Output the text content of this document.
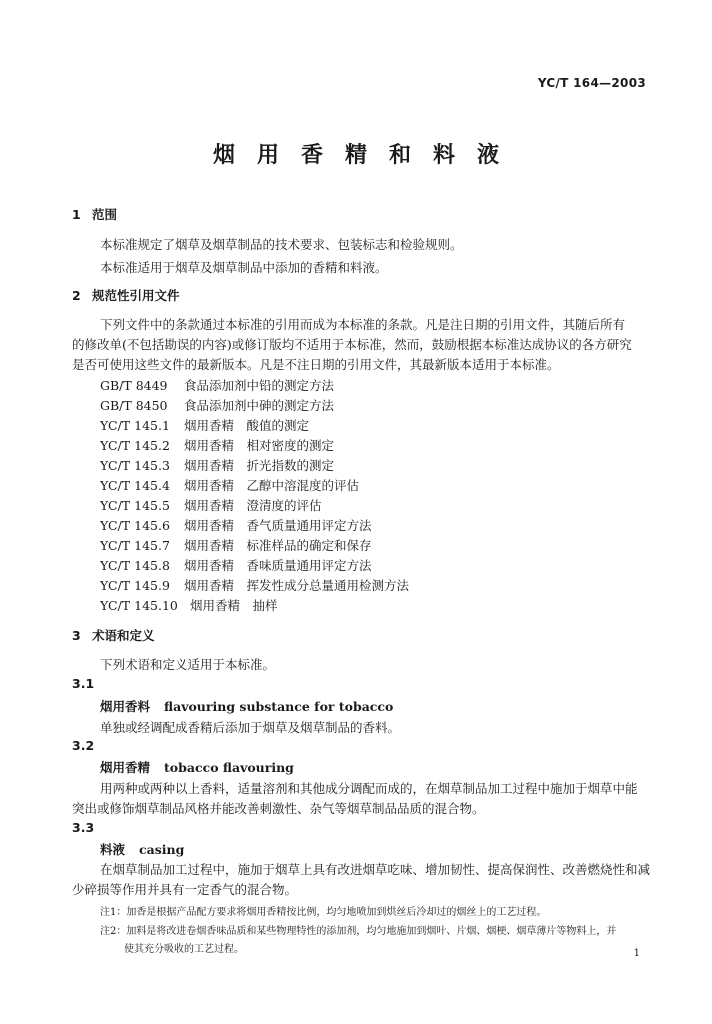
YC/T 164—2003
烟用香精和料液
1 范围
本标准规定了烟草及烟草制品的技术要求、包装标志和检验规则。
本标准适用于烟草及烟草制品中添加的香精和料液。
2 规范性引用文件
下列文件中的条款通过本标准的引用而成为本标准的条款。凡是注日期的引用文件，其随后所有
的修改单(不包括勘误的内容)或修订版均不适用于本标准，然而，鼓励根据本标准达成协议的各方研究
是否可使用这些文件的最新版本。凡是不注日期的引用文件，其最新版本适用于本标准。
GB/T 8449 食品添加剂中铅的测定方法
GB/T 8450 食品添加剂中砷的测定方法
YC/T 145.1 烟用香精　酸值的测定
YC/T 145.2 烟用香精　相对密度的测定
YC/T 145.3 烟用香精　折光指数的测定
YC/T 145.4 烟用香精　乙醇中溶混度的评估
YC/T 145.5 烟用香精　澄清度的评估
YC/T 145.6 烟用香精　香气质量通用评定方法
YC/T 145.7 烟用香精　标准样品的确定和保存
YC/T 145.8 烟用香精　香味质量通用评定方法
YC/T 145.9 烟用香精　挥发性成分总量通用检测方法
YC/T 145.10 烟用香精　抽样
3 术语和定义
下列术语和定义适用于本标准。
3.1
烟用香料 flavouring substance for tobacco
单独或经调配成香精后添加于烟草及烟草制品的香料。
3.2
烟用香精 tobacco flavouring
用两种或两种以上香料，适量溶剂和其他成分调配而成的，在烟草制品加工过程中施加于烟草中能
突出或修饰烟草制品风格并能改善刺激性、杂气等烟草制品品质的混合物。
3.3
料液 casing
在烟草制品加工过程中，施加于烟草上具有改进烟草吃味、增加韧性、提高保润性、改善燃烧性和减
少碎损等作用并具有一定香气的混合物。
注1：加香是根据产品配方要求将烟用香精按比例，均匀地喷加到烘丝后冷却过的烟丝上的工艺过程。
注2：加料是将改进卷烟香味品质和某些物理特性的添加剂，均匀地施加到烟叶、片烟、烟梗、烟草薄片等物料上，并
使其充分吸收的工艺过程。	1
